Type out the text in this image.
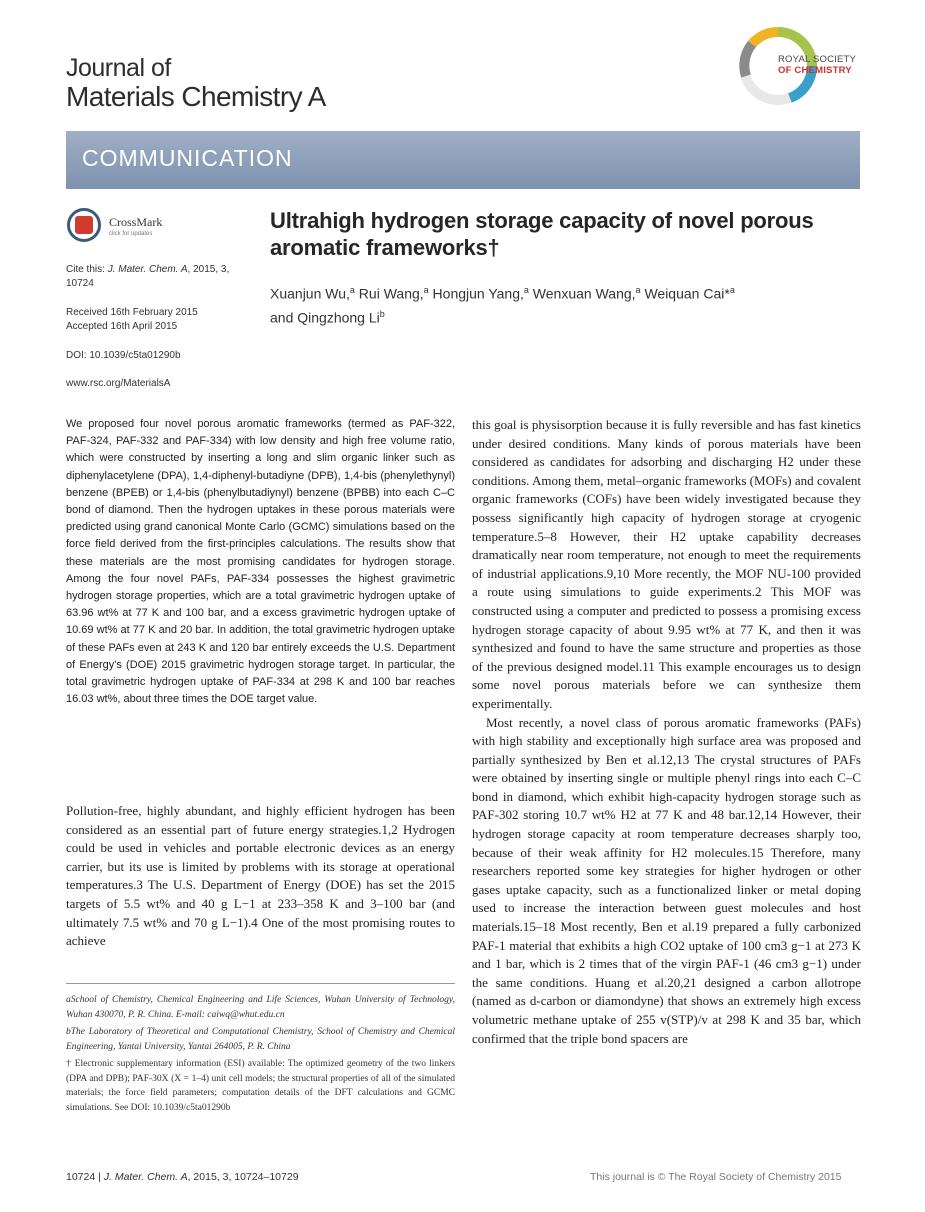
Journal of
Materials Chemistry A
ROYAL SOCIETY
OF CHEMISTRY
COMMUNICATION
CrossMark
click for updates
Cite this: J. Mater. Chem. A, 2015, 3, 10724
Received 16th February 2015
Accepted 16th April 2015
DOI: 10.1039/c5ta01290b
www.rsc.org/MaterialsA
Ultrahigh hydrogen storage capacity of novel porous aromatic frameworks†
Xuanjun Wu,$^a$ Rui Wang,$^a$ Hongjun Yang,$^a$ Wenxuan Wang,$^a$ Weiquan Cai*$^a$
and Qingzhong Li$^b$
We proposed four novel porous aromatic frameworks (termed as PAF-322, PAF-324, PAF-332 and PAF-334) with low density and high free volume ratio, which were constructed by inserting a long and slim organic linker such as diphenylacetylene (DPA), 1,4-diphenyl-butadiyne (DPB), 1,4-bis (phenylethynyl) benzene (BPEB) or 1,4-bis (phenylbutadiynyl) benzene (BPBB) into each C–C bond of diamond. Then the hydrogen uptakes in these porous materials were predicted using grand canonical Monte Carlo (GCMC) simulations based on the force field derived from the first-principles calculations. The results show that these materials are the most promising candidates for hydrogen storage. Among the four novel PAFs, PAF-334 possesses the highest gravimetric hydrogen storage properties, which are a total gravimetric hydrogen uptake of 63.96 wt% at 77 K and 100 bar, and a excess gravimetric hydrogen uptake of 10.69 wt% at 77 K and 20 bar. In addition, the total gravimetric hydrogen uptake of these PAFs even at 243 K and 120 bar entirely exceeds the U.S. Department of Energy's (DOE) 2015 gravimetric hydrogen storage target. In particular, the total gravimetric hydrogen uptake of PAF-334 at 298 K and 100 bar reaches 16.03 wt%, about three times the DOE target value.

Pollution-free, highly abundant, and highly efficient hydrogen has been considered as an essential part of future energy strategies.1,2 Hydrogen could be used in vehicles and portable electronic devices as an energy carrier, but its use is limited by problems with its storage at operational temperatures.3 The U.S. Department of Energy (DOE) has set the 2015 targets of 5.5 wt% and 40 g L−1 at 233–358 K and 3–100 bar (and ultimately 7.5 wt% and 70 g L−1).4 One of the most promising routes to achieve

this goal is physisorption because it is fully reversible and has fast kinetics under desired conditions. Many kinds of porous materials have been considered as candidates for adsorbing and discharging H2 under these conditions. Among them, metal–organic frameworks (MOFs) and covalent organic frameworks (COFs) have been widely investigated because they possess significantly high capacity of hydrogen storage at cryogenic temperature.5–8 However, their H2 uptake capability decreases dramatically near room temperature, not enough to meet the requirements of industrial applications.9,10 More recently, the MOF NU-100 provided a route using simulations to guide experiments.2 This MOF was constructed using a computer and predicted to possess a promising excess hydrogen storage capacity of about 9.95 wt% at 77 K, and then it was synthesized and found to have the same structure and properties as those of the previous designed model.11 This example encourages us to design some novel porous materials before we can synthesize them experimentally.

Most recently, a novel class of porous aromatic frameworks (PAFs) with high stability and exceptionally high surface area was proposed and partially synthesized by Ben et al.12,13 The crystal structures of PAFs were obtained by inserting single or multiple phenyl rings into each C–C bond in diamond, which exhibit high-capacity hydrogen storage such as PAF-302 storing 10.7 wt% H2 at 77 K and 48 bar.12,14 However, their hydrogen storage capacity at room temperature decreases sharply too, because of their weak affinity for H2 molecules.15 Therefore, many researchers reported some key strategies for higher hydrogen or other gases uptake capacity, such as a functionalized linker or metal doping used to increase the interaction between guest molecules and host materials.15–18 Most recently, Ben et al.19 prepared a fully carbonized PAF-1 material that exhibits a high CO2 uptake of 100 cm3 g−1 at 273 K and 1 bar, which is 2 times that of the virgin PAF-1 (46 cm3 g−1) under the same conditions. Huang et al.20,21 designed a carbon allotrope (named as d-carbon or diamondyne) that shows an extremely high excess volumetric methane uptake of 255 v(STP)/v at 298 K and 35 bar, which confirmed that the triple bond spacers are

aSchool of Chemistry, Chemical Engineering and Life Sciences, Wuhan University of Technology, Wuhan 430070, P. R. China. E-mail: caiwq@whut.edu.cn

bThe Laboratory of Theoretical and Computational Chemistry, School of Chemistry and Chemical Engineering, Yantai University, Yantai 264005, P. R. China

† Electronic supplementary information (ESI) available: The optimized geometry of the two linkers (DPA and DPB); PAF-30X (X = 1–4) unit cell models; the structural properties of all of the simulated materials; the force field parameters; computation details of the DFT calculations and GCMC simulations. See DOI: 10.1039/c5ta01290b

10724 | J. Mater. Chem. A, 2015, 3, 10724–10729	This journal is © The Royal Society of Chemistry 2015
